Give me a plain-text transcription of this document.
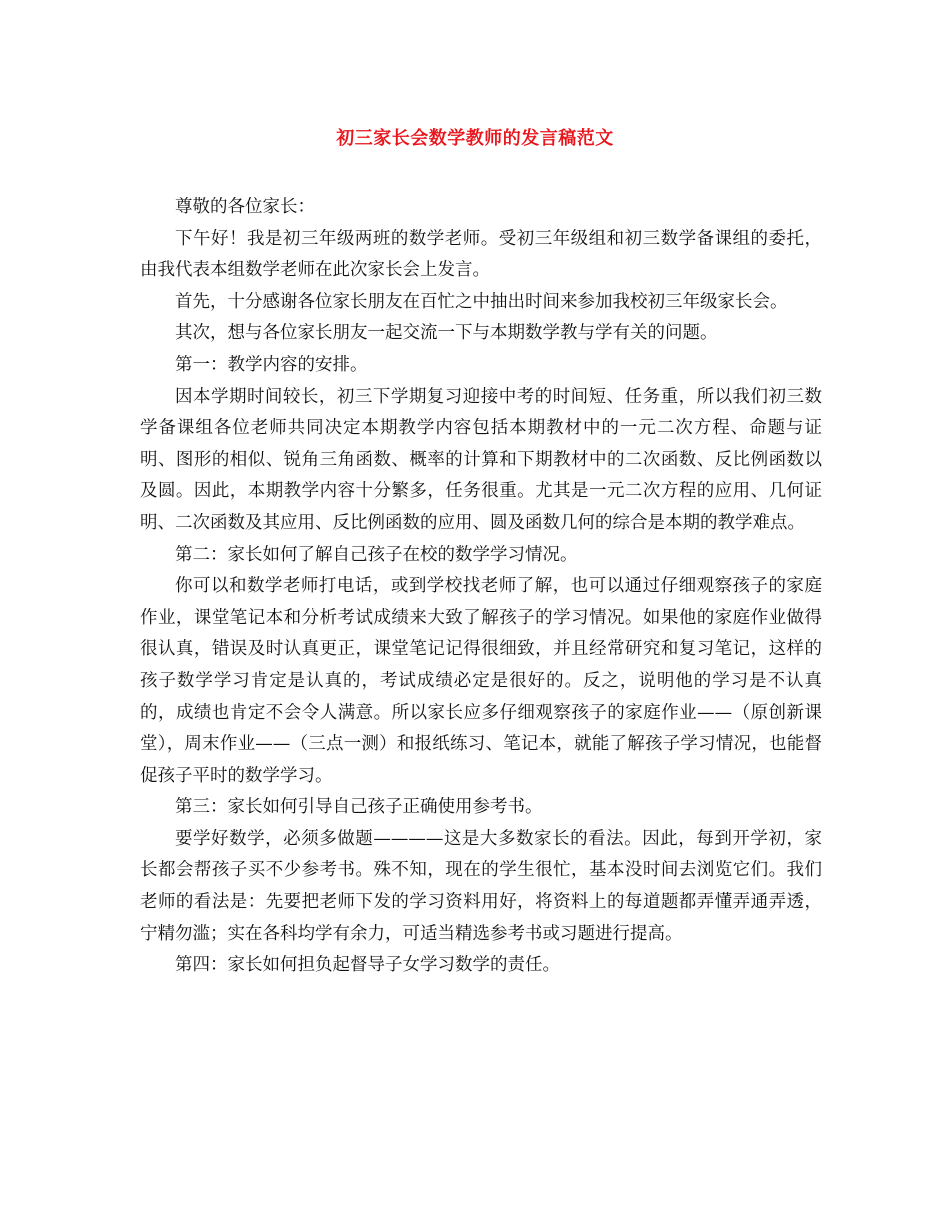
初三家长会数学教师的发言稿范文

尊敬的各位家长：

下午好！我是初三年级两班的数学老师。受初三年级组和初三数学备课组的委托，由我代表本组数学老师在此次家长会上发言。

首先，十分感谢各位家长朋友在百忙之中抽出时间来参加我校初三年级家长会。

其次，想与各位家长朋友一起交流一下与本期数学教与学有关的问题。

第一：教学内容的安排。

因本学期时间较长，初三下学期复习迎接中考的时间短、任务重，所以我们初三数学备课组各位老师共同决定本期教学内容包括本期教材中的一元二次方程、命题与证明、图形的相似、锐角三角函数、概率的计算和下期教材中的二次函数、反比例函数以及圆。因此，本期教学内容十分繁多，任务很重。尤其是一元二次方程的应用、几何证明、二次函数及其应用、反比例函数的应用、圆及函数几何的综合是本期的教学难点。

第二：家长如何了解自己孩子在校的数学学习情况。

你可以和数学老师打电话，或到学校找老师了解，也可以通过仔细观察孩子的家庭作业，课堂笔记本和分析考试成绩来大致了解孩子的学习情况。如果他的家庭作业做得很认真，错误及时认真更正，课堂笔记记得很细致，并且经常研究和复习笔记，这样的孩子数学学习肯定是认真的，考试成绩必定是很好的。反之，说明他的学习是不认真的，成绩也肯定不会令人满意。所以家长应多仔细观察孩子的家庭作业——（原创新课堂），周末作业——（三点一测）和报纸练习、笔记本，就能了解孩子学习情况，也能督促孩子平时的数学学习。

第三：家长如何引导自己孩子正确使用参考书。

要学好数学，必须多做题————这是大多数家长的看法。因此，每到开学初，家长都会帮孩子买不少参考书。殊不知，现在的学生很忙，基本没时间去浏览它们。我们老师的看法是：先要把老师下发的学习资料用好，将资料上的每道题都弄懂弄通弄透，宁精勿滥；实在各科均学有余力，可适当精选参考书或习题进行提高。

第四：家长如何担负起督导子女学习数学的责任。
